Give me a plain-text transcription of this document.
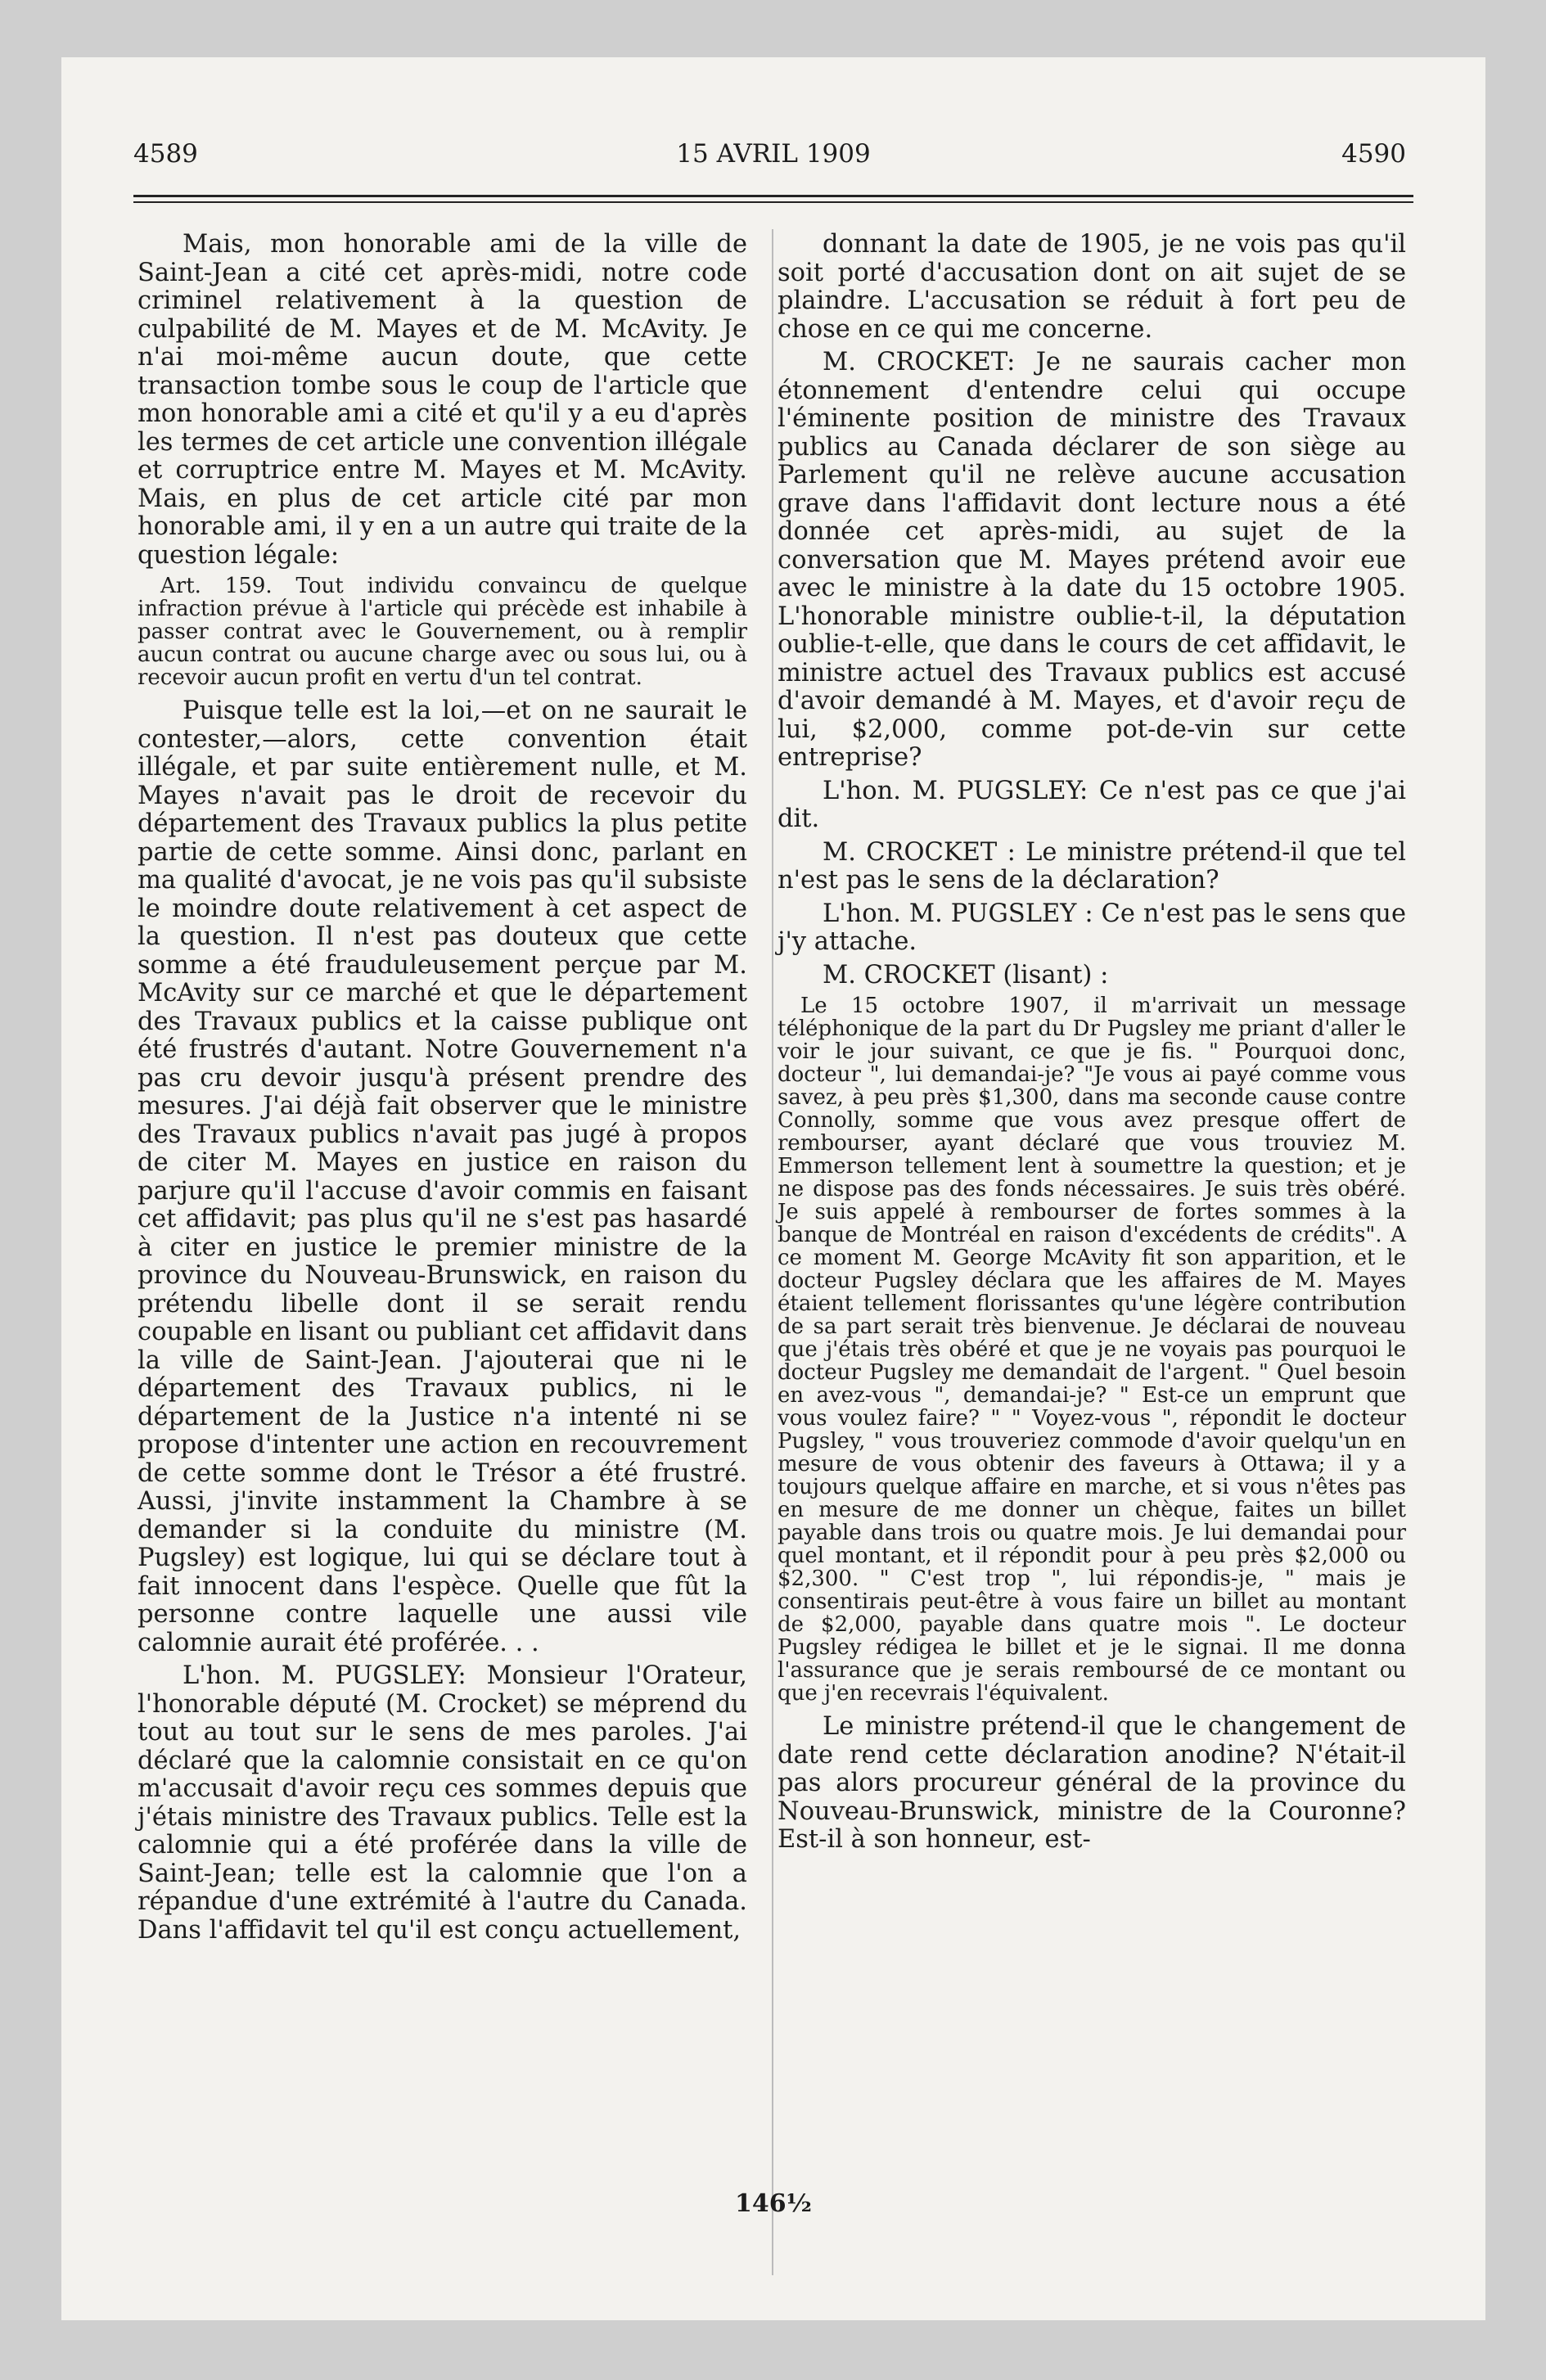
4589	15 AVRIL 1909	4590

Mais, mon honorable ami de la ville de Saint-Jean a cité cet après-midi, notre code criminel relativement à la question de culpabilité de M. Mayes et de M. McAvity. Je n'ai moi-même aucun doute, que cette transaction tombe sous le coup de l'article que mon honorable ami a cité et qu'il y a eu d'après les termes de cet article une convention illégale et corruptrice entre M. Mayes et M. McAvity. Mais, en plus de cet article cité par mon honorable ami, il y en a un autre qui traite de la question légale:

Art. 159. Tout individu convaincu de quelque infraction prévue à l'article qui précède est inhabile à passer contrat avec le Gouvernement, ou à remplir aucun contrat ou aucune charge avec ou sous lui, ou à recevoir aucun profit en vertu d'un tel contrat.

Puisque telle est la loi,—et on ne saurait le contester,—alors, cette convention était illégale, et par suite entièrement nulle, et M. Mayes n'avait pas le droit de recevoir du département des Travaux publics la plus petite partie de cette somme. Ainsi donc, parlant en ma qualité d'avocat, je ne vois pas qu'il subsiste le moindre doute relativement à cet aspect de la question. Il n'est pas douteux que cette somme a été frauduleusement perçue par M. McAvity sur ce marché et que le département des Travaux publics et la caisse publique ont été frustrés d'autant. Notre Gouvernement n'a pas cru devoir jusqu'à présent prendre des mesures. J'ai déjà fait observer que le ministre des Travaux publics n'avait pas jugé à propos de citer M. Mayes en justice en raison du parjure qu'il l'accuse d'avoir commis en faisant cet affidavit; pas plus qu'il ne s'est pas hasardé à citer en justice le premier ministre de la province du Nouveau-Brunswick, en raison du prétendu libelle dont il se serait rendu coupable en lisant ou publiant cet affidavit dans la ville de Saint-Jean. J'ajouterai que ni le département des Travaux publics, ni le département de la Justice n'a intenté ni se propose d'intenter une action en recouvrement de cette somme dont le Trésor a été frustré. Aussi, j'invite instamment la Chambre à se demander si la conduite du ministre (M. Pugsley) est logique, lui qui se déclare tout à fait innocent dans l'espèce. Quelle que fût la personne contre laquelle une aussi vile calomnie aurait été proférée. . .

L'hon. M. PUGSLEY: Monsieur l'Orateur, l'honorable député (M. Crocket) se méprend du tout au tout sur le sens de mes paroles. J'ai déclaré que la calomnie consistait en ce qu'on m'accusait d'avoir reçu ces sommes depuis que j'étais ministre des Travaux publics. Telle est la calomnie qui a été proférée dans la ville de Saint-Jean; telle est la calomnie que l'on a répandue d'une extrémité à l'autre du Canada. Dans l'affidavit tel qu'il est conçu actuellement,

donnant la date de 1905, je ne vois pas qu'il soit porté d'accusation dont on ait sujet de se plaindre. L'accusation se réduit à fort peu de chose en ce qui me concerne.

M. CROCKET: Je ne saurais cacher mon étonnement d'entendre celui qui occupe l'éminente position de ministre des Travaux publics au Canada déclarer de son siège au Parlement qu'il ne relève aucune accusation grave dans l'affidavit dont lecture nous a été donnée cet après-midi, au sujet de la conversation que M. Mayes prétend avoir eue avec le ministre à la date du 15 octobre 1905. L'honorable ministre oublie-t-il, la députation oublie-t-elle, que dans le cours de cet affidavit, le ministre actuel des Travaux publics est accusé d'avoir demandé à M. Mayes, et d'avoir reçu de lui, $2,000, comme pot-de-vin sur cette entreprise?

L'hon. M. PUGSLEY: Ce n'est pas ce que j'ai dit.

M. CROCKET : Le ministre prétend-il que tel n'est pas le sens de la déclaration?

L'hon. M. PUGSLEY : Ce n'est pas le sens que j'y attache.

M. CROCKET (lisant) :

Le 15 octobre 1907, il m'arrivait un message téléphonique de la part du Dr Pugsley me priant d'aller le voir le jour suivant, ce que je fis. " Pourquoi donc, docteur ", lui demandai-je? "Je vous ai payé comme vous savez, à peu près $1,300, dans ma seconde cause contre Connolly, somme que vous avez presque offert de rembourser, ayant déclaré que vous trouviez M. Emmerson tellement lent à soumettre la question; et je ne dispose pas des fonds nécessaires. Je suis très obéré. Je suis appelé à rembourser de fortes sommes à la banque de Montréal en raison d'excédents de crédits". A ce moment M. George McAvity fit son apparition, et le docteur Pugsley déclara que les affaires de M. Mayes étaient tellement florissantes qu'une légère contribution de sa part serait très bienvenue. Je déclarai de nouveau que j'étais très obéré et que je ne voyais pas pourquoi le docteur Pugsley me demandait de l'argent. " Quel besoin en avez-vous ", demandai-je? " Est-ce un emprunt que vous voulez faire? " " Voyez-vous ", répondit le docteur Pugsley, " vous trouveriez commode d'avoir quelqu'un en mesure de vous obtenir des faveurs à Ottawa; il y a toujours quelque affaire en marche, et si vous n'êtes pas en mesure de me donner un chèque, faites un billet payable dans trois ou quatre mois. Je lui demandai pour quel montant, et il répondit pour à peu près $2,000 ou $2,300. " C'est trop ", lui répondis-je, " mais je consentirais peut-être à vous faire un billet au montant de $2,000, payable dans quatre mois ". Le docteur Pugsley rédigea le billet et je le signai. Il me donna l'assurance que je serais remboursé de ce montant ou que j'en recevrais l'équivalent.

Le ministre prétend-il que le changement de date rend cette déclaration anodine? N'était-il pas alors procureur général de la province du Nouveau-Brunswick, ministre de la Couronne? Est-il à son honneur, est-

146½
